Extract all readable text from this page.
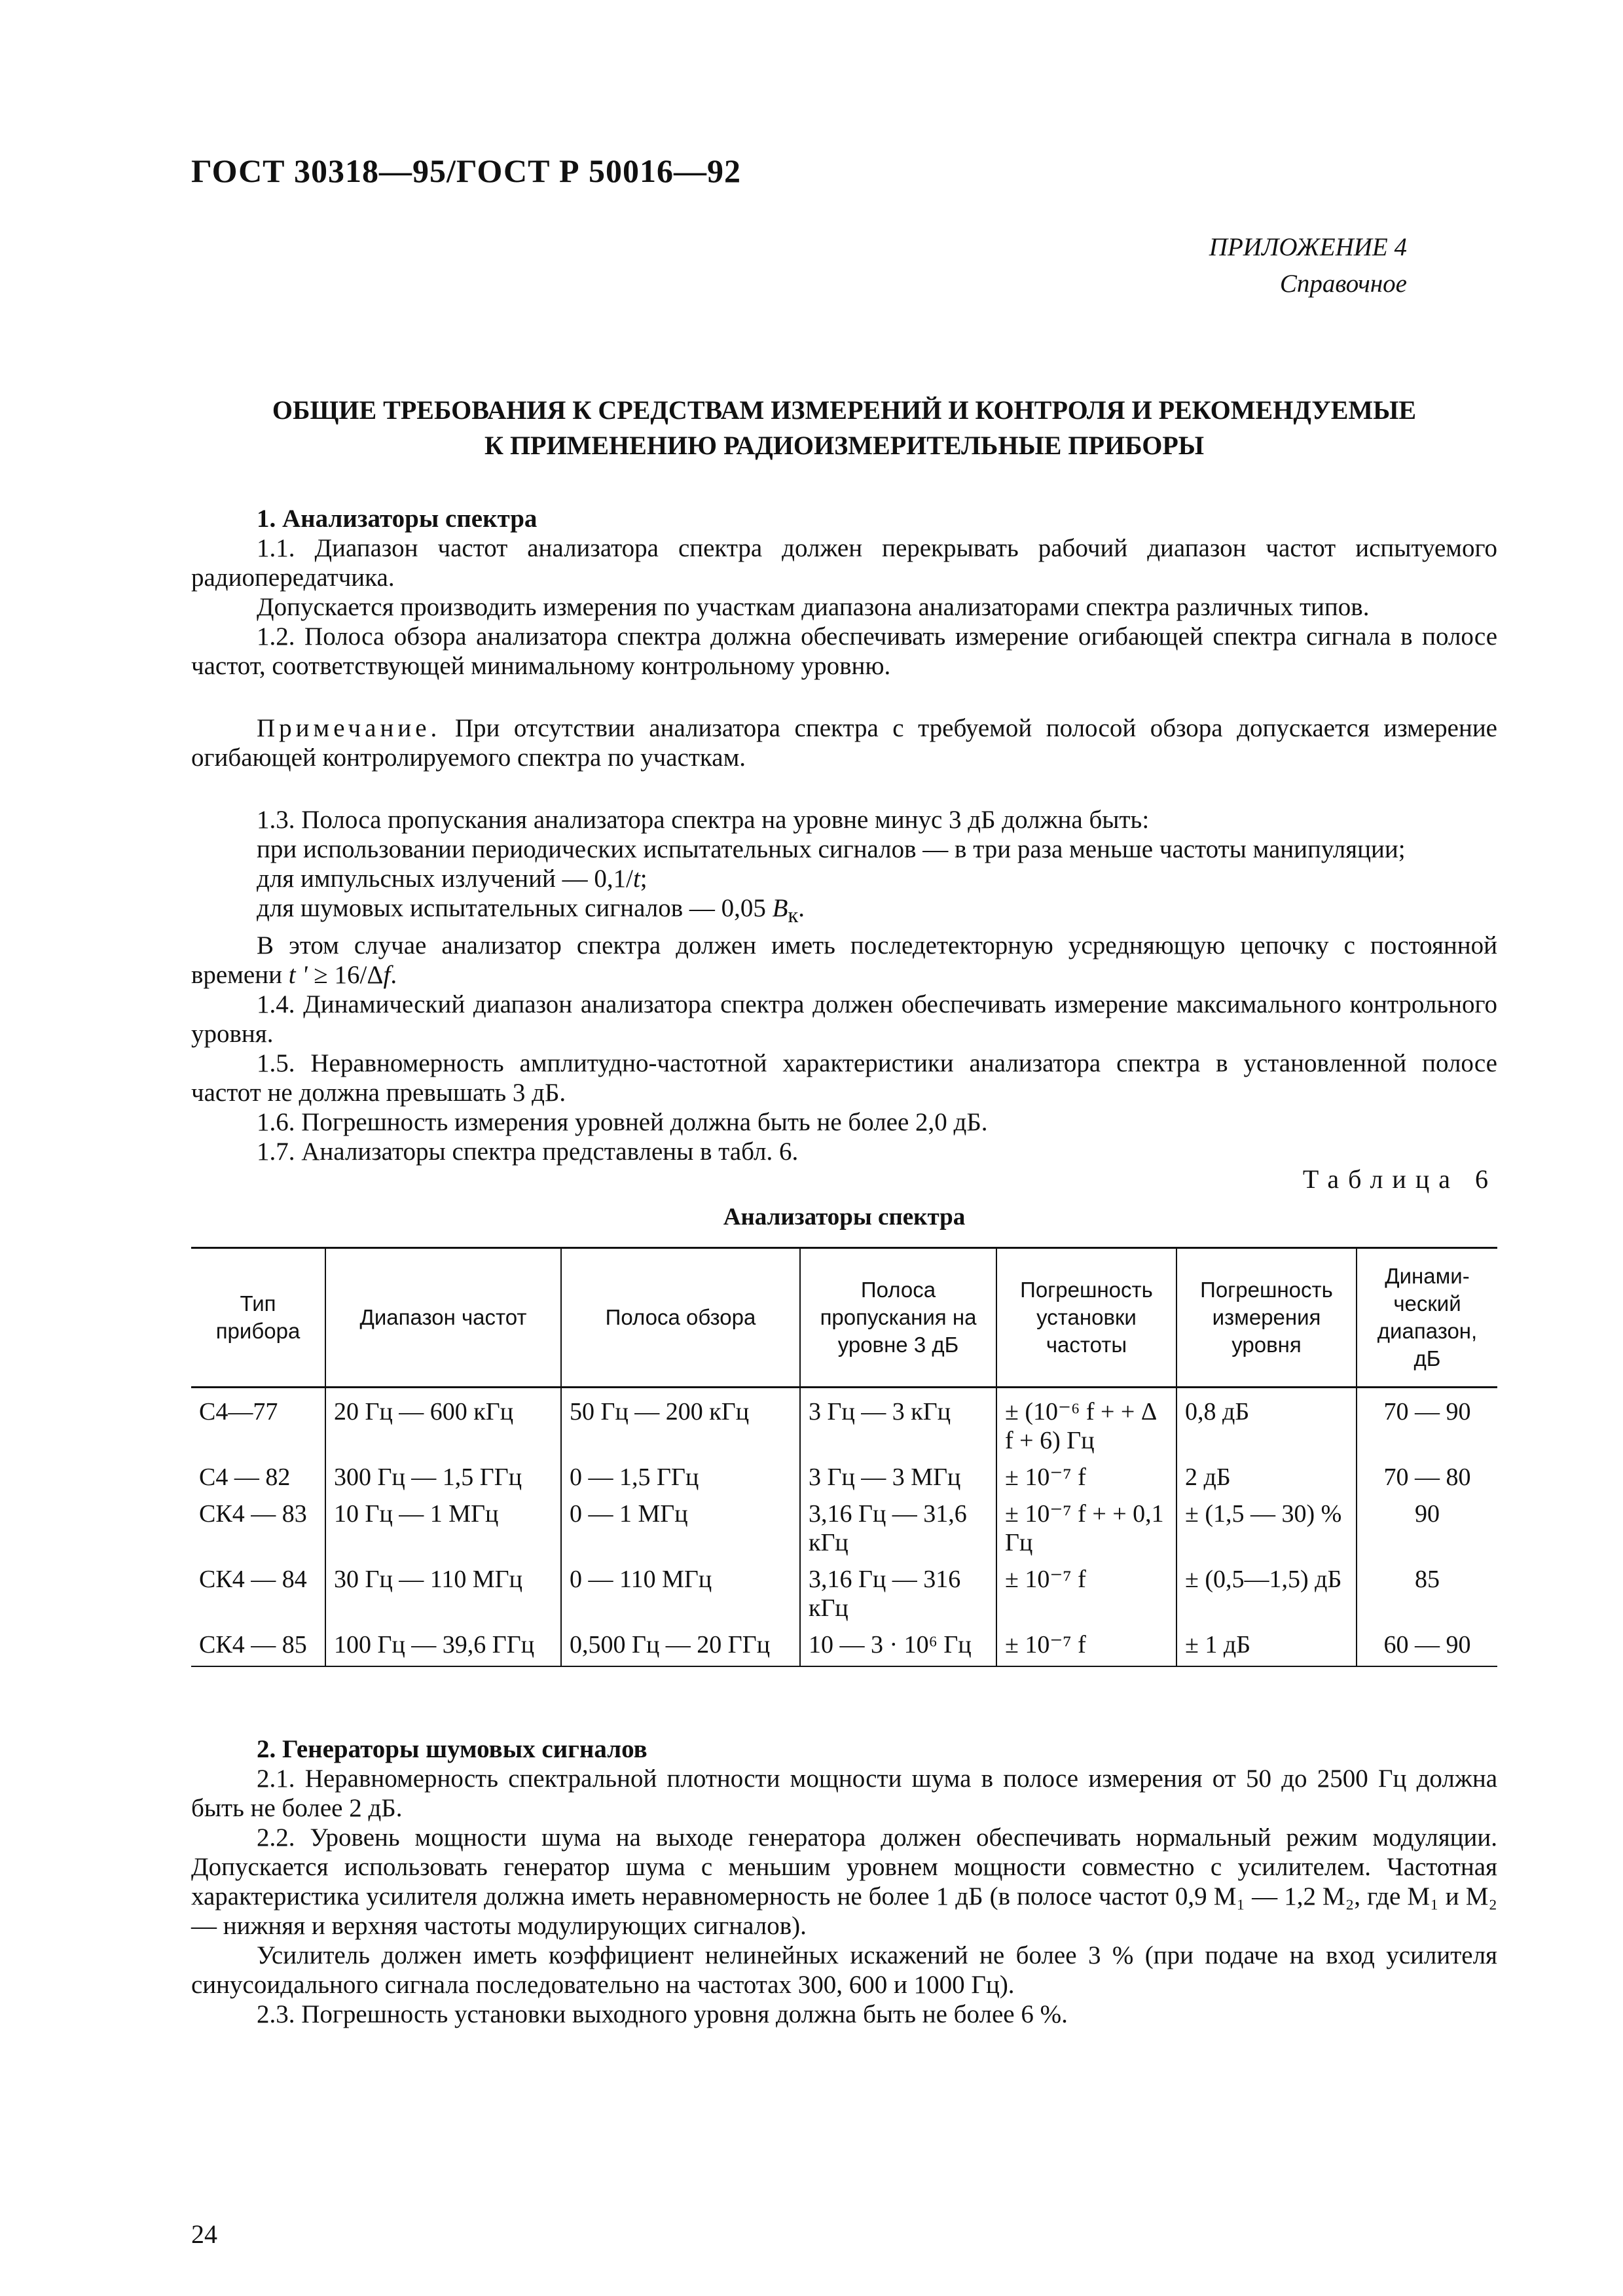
ГОСТ 30318—95/ГОСТ Р 50016—92
ПРИЛОЖЕНИЕ 4
Справочное
ОБЩИЕ ТРЕБОВАНИЯ К СРЕДСТВАМ ИЗМЕРЕНИЙ И КОНТРОЛЯ И РЕКОМЕНДУЕМЫЕ
К ПРИМЕНЕНИЮ РАДИОИЗМЕРИТЕЛЬНЫЕ ПРИБОРЫ

1. Анализаторы спектра

1.1. Диапазон частот анализатора спектра должен перекрывать рабочий диапазон частот испытуемого радиопередатчика.

Допускается производить измерения по участкам диапазона анализаторами спектра различных типов.

1.2. Полоса обзора анализатора спектра должна обеспечивать измерение огибающей спектра сигнала в полосе частот, соответствующей минимальному контрольному уровню.

Примечание. При отсутствии анализатора спектра с требуемой полосой обзора допускается измерение огибающей контролируемого спектра по участкам.

1.3. Полоса пропускания анализатора спектра на уровне минус 3 дБ должна быть:

при использовании периодических испытательных сигналов — в три раза меньше частоты манипуляции;

для импульсных излучений — 0,1/t;

для шумовых испытательных сигналов — 0,05 $B_к$.

В этом случае анализатор спектра должен иметь последетекторную усредняющую цепочку с постоянной времени t ' ≥ 16/Δf.

1.4. Динамический диапазон анализатора спектра должен обеспечивать измерение максимального контрольного уровня.

1.5. Неравномерность амплитудно-частотной характеристики анализатора спектра в установленной полосе частот не должна превышать 3 дБ.

1.6. Погрешность измерения уровней должна быть не более 2,0 дБ.

1.7. Анализаторы спектра представлены в табл. 6.

Таблица 6
Анализаторы спектра
Тип прибора	Диапазон частот	Полоса обзора	Полоса пропускания на уровне 3 дБ	Погрешность установки частоты	Погрешность измерения уровня	Динами-ческий диапазон, дБ
С4—77	20 Гц — 600 кГц	50 Гц — 200 кГц	3 Гц — 3 кГц	± (10⁻⁶ f + + Δ f + 6) Гц	0,8 дБ	70 — 90
С4 — 82	300 Гц — 1,5 ГГц	0 — 1,5 ГГц	3 Гц — 3 МГц	± 10⁻⁷ f	2 дБ	70 — 80
СК4 — 83	10 Гц — 1 МГц	0 — 1 МГц	3,16 Гц — 31,6 кГц	± 10⁻⁷ f + + 0,1 Гц	± (1,5 — 30) %	90
СК4 — 84	30 Гц — 110 МГц	0 — 110 МГц	3,16 Гц — 316 кГц	± 10⁻⁷ f	± (0,5—1,5) дБ	85
СК4 — 85	100 Гц — 39,6 ГГц	0,500 Гц — 20 ГГц	10 — 3 · 10⁶ Гц	± 10⁻⁷ f	± 1 дБ	60 — 90

2. Генераторы шумовых сигналов

2.1. Неравномерность спектральной плотности мощности шума в полосе измерения от 50 до 2500 Гц должна быть не более 2 дБ.

2.2. Уровень мощности шума на выходе генератора должен обеспечивать нормальный режим модуляции. Допускается использовать генератор шума с меньшим уровнем мощности совместно с усилителем. Частотная характеристика усилителя должна иметь неравномерность не более 1 дБ (в полосе частот 0,9 M₁ — 1,2 M₂, где M₁ и M₂ — нижняя и верхняя частоты модулирующих сигналов).

Усилитель должен иметь коэффициент нелинейных искажений не более 3 % (при подаче на вход усилителя синусоидального сигнала последовательно на частотах 300, 600 и 1000 Гц).

2.3. Погрешность установки выходного уровня должна быть не более 6 %.

24
